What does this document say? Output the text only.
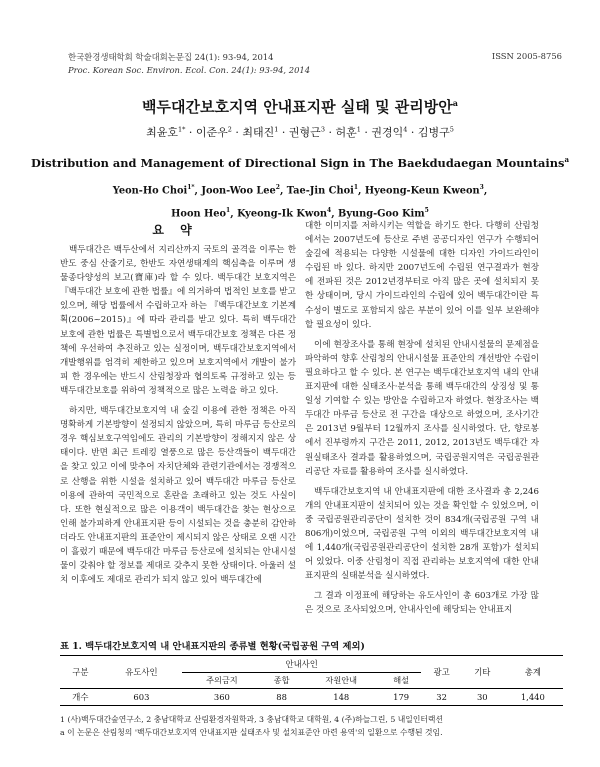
한국환경생태학회 학술대회논문집 24(1): 93-94, 2014
Proc. Korean Soc. Environ. Ecol. Con. 24(1): 93-94, 2014
ISSN 2005-8756
백두대간보호지역 안내표지판 실태 및 관리방안$^a$
최윤호$^{1*}$ · 이준우$^2$ · 최태진$^1$ · 권형근$^3$ · 허훈$^1$ · 권경익$^4$ · 김병구$^5$
Distribution and Management of Directional Sign in The Baekdudaegan Mountains$^a$
Yeon-Ho Choi$^{1*}$, Joon-Woo Lee$^2$, Tae-Jin Choi$^1$, Hyeong-Keun Kweon$^3$, Hoon Heo$^1$, Kyeong-Ik Kwon$^4$, Byung-Goo Kim$^5$
요 약

백두대간은 백두산에서 지리산까지 국토의 골격을 이루는 한반도 중심 산줄기로, 한반도 자연생태계의 핵심축을 이루며 생물종다양성의 보고(寶庫)라 할 수 있다. 백두대간 보호지역은 『백두대간 보호에 관한 법률』에 의거하여 법적인 보호를 받고 있으며, 해당 법률에서 수립하고자 하는 『백두대간보호 기본계획(2006~2015)』에 따라 관리를 받고 있다. 특히 백두대간 보호에 관한 법률은 특별법으로서 백두대간보호 정책은 다른 정책에 우선하여 추진하고 있는 실정이며, 백두대간보호지역에서 개발행위를 엄격히 제한하고 있으며 보호지역에서 개발이 불가피 한 경우에는 반드시 산림청장과 협의토록 규정하고 있는 등 백두대간보호를 위하여 정책적으로 많은 노력을 하고 있다.

하지만, 백두대간보호지역 내 숲길 이용에 관한 정책은 아직 명확하게 기본방향이 설정되지 않았으며, 특히 마루금 등산로의 경우 핵심보호구역임에도 관리의 기본방향이 정해지지 않은 상태이다. 반면 최근 트레킹 열풍으로 많은 등산객들이 백두대간을 찾고 있고 이에 맞추어 자치단체와 관련기관에서는 경쟁적으로 산행을 위한 시설을 설치하고 있어 백두대간 마루금 등산로 이용에 관하여 국민적으로 혼란을 초래하고 있는 것도 사실이다. 또한 현실적으로 많은 이용객이 백두대간을 찾는 현상으로 인해 불가피하게 안내표지판 등이 시설되는 것을 충분히 감안하더라도 안내표지판의 표준안이 제시되지 않은 상태로 오랜 시간이 흘렀기 때문에 백두대간 마루금 등산로에 설치되는 안내시설물이 갖춰야 할 정보를 제대로 갖추지 못한 상태이다. 아울러 설치 이후에도 제대로 관리가 되지 않고 있어 백두대간에

대한 이미지를 저하시키는 역할을 하기도 한다. 다행히 산림청에서는 2007년도에 등산로 주변 공공디자인 연구가 수행되어 숲길에 적용되는 다양한 시설물에 대한 디자인 가이드라인이 수립된 바 있다. 하지만 2007년도에 수립된 연구결과가 현장에 전파된 것은 2012년경부터로 아직 많은 곳에 설치되지 못한 상태이며, 당시 가이드라인의 수립에 있어 백두대간이란 특수성이 별도로 포함되지 않은 부분이 있어 이를 일부 보완해야 할 필요성이 있다.

이에 현장조사를 통해 현장에 설치된 안내시설물의 문제점을 파악하여 향후 산림청의 안내시설물 표준안의 개선방안 수립이 필요하다고 할 수 있다. 본 연구는 백두대간보호지역 내의 안내표지판에 대한 실태조사·분석을 통해 백두대간의 상징성 및 통일성 기여할 수 있는 방안을 수립하고자 하였다. 현장조사는 백두대간 마루금 등산로 전 구간을 대상으로 하였으며, 조사기간은 2013년 9월부터 12월까지 조사를 실시하였다. 단, 향로봉에서 진부령까지 구간은 2011, 2012, 2013년도 백두대간 자원실태조사 결과를 활용하였으며, 국립공원지역은 국립공원관리공단 자료를 활용하여 조사를 실시하였다.

백두대간보호지역 내 안내표지판에 대한 조사결과 총 2,246개의 안내표지판이 설치되어 있는 것을 확인할 수 있었으며, 이중 국립공원관리공단이 설치한 것이 834개(국립공원 구역 내 806개)이었으며, 국립공원 구역 이외의 백두대간보호지역 내에 1,440개(국립공원관리공단이 설치한 28개 포함)가 설치되어 있었다. 이중 산림청이 직접 관리하는 보호지역에 대한 안내표지판의 실태분석을 실시하였다.

그 결과 이정표에 해당하는 유도사인이 총 603개로 가장 많은 것으로 조사되었으며, 안내사인에 해당되는 안내표지

표 1. 백두대간보호지역 내 안내표지판의 종류별 현황(국립공원 구역 제외)
구분	유도사인	안내사인				광고	기타	총계
		주의금지	종합	자원안내	해설			
개수	603	360	88	148	179	32	30	1,440
1 (사)백두대간숲연구소, 2 충남대학교 산림환경자원학과, 3 충남대학교 대학원, 4 (주)하늘그린, 5 내일인터랙션
a 이 논문은 산림청의 '백두대간보호지역 안내표지판 실태조사 및 설치표준안 마련 용역'의 일환으로 수행된 것임.
